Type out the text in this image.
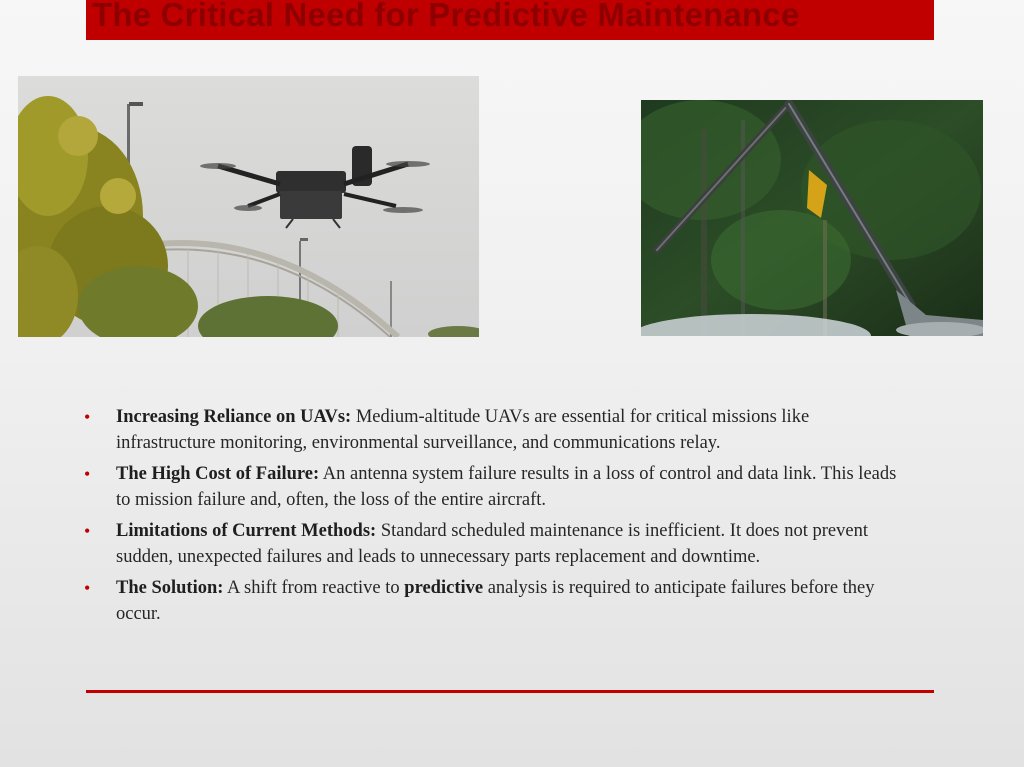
The Critical Need for Predictive Maintenance
• Increasing Reliance on UAVs: Medium-altitude UAVs are essential for critical missions like infrastructure monitoring, environmental surveillance, and communications relay.
• The High Cost of Failure: An antenna system failure results in a loss of control and data link. This leads to mission failure and, often, the loss of the entire aircraft.
• Limitations of Current Methods: Standard scheduled maintenance is inefficient. It does not prevent sudden, unexpected failures and leads to unnecessary parts replacement and downtime.
• The Solution: A shift from reactive to predictive analysis is required to anticipate failures before they occur.
